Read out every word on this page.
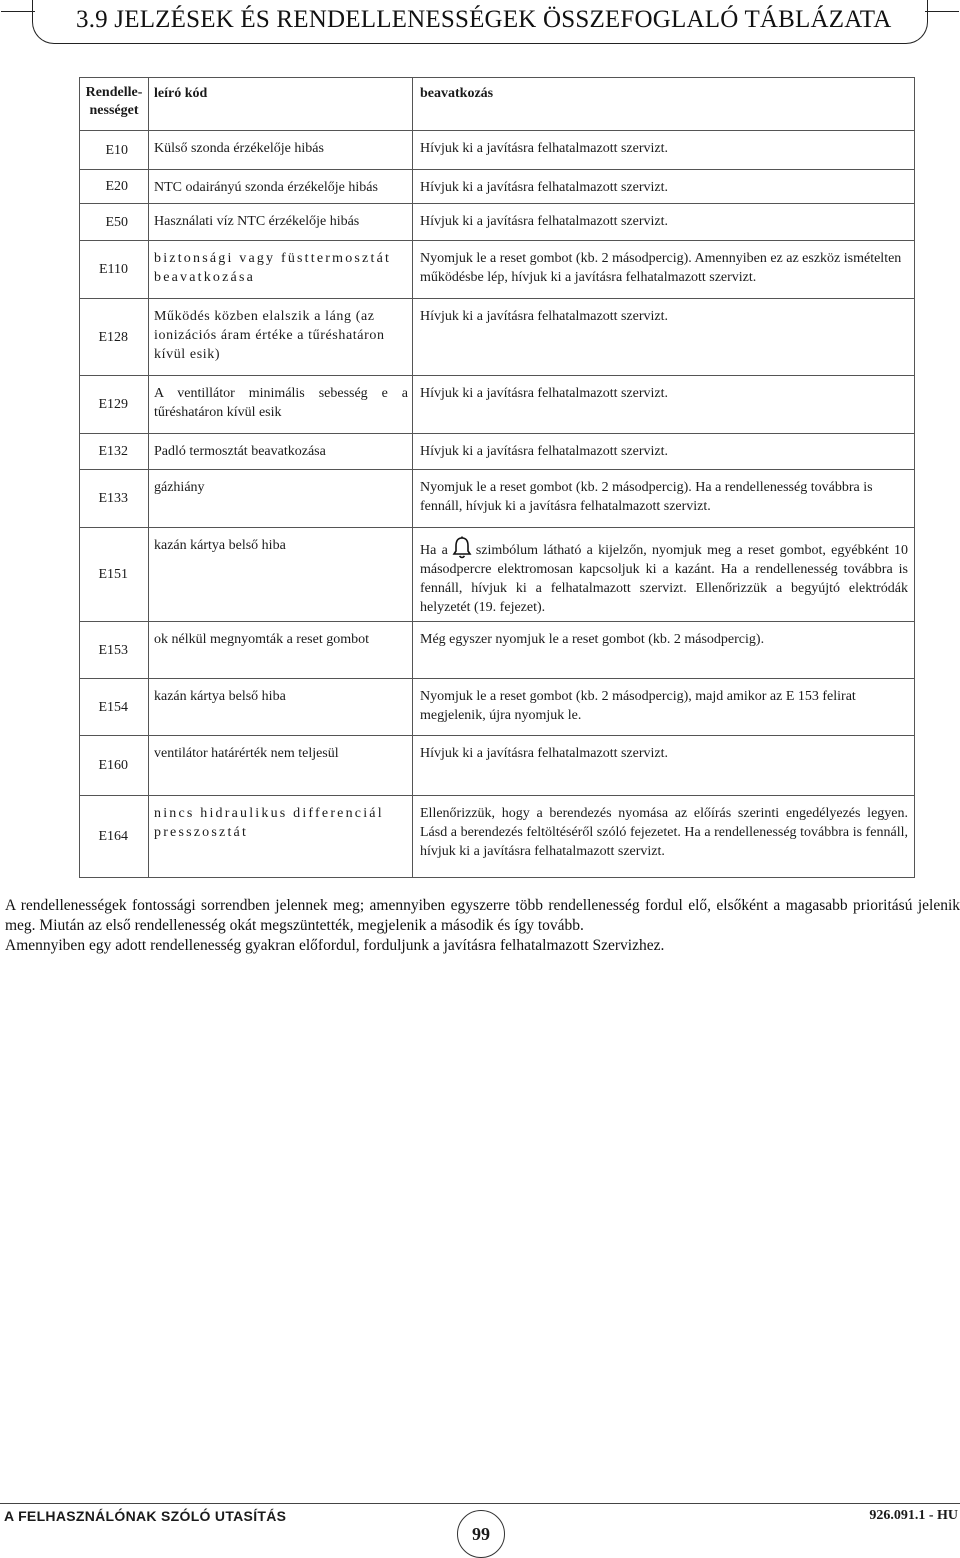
3.9 JELZÉSEK ÉS RENDELLENESSÉGEK ÖSSZEFOGLALÓ TÁBLÁZATA
Rendellenességet	leíró kód	beavatkozás
E10	Külső szonda érzékelője hibás	Hívjuk ki a javításra felhatalmazott szervizt.

E20	NTC odairányú szonda érzékelője hibás	Hívjuk ki a javításra felhatalmazott szervizt.

E50	Használati víz NTC érzékelője hibás	Hívjuk ki a javításra felhatalmazott szervizt.

E110	biztonsági vagy füsttermosztát beavatkozása	Nyomjuk le a reset gombot (kb. 2 másodpercig). Amennyiben ez az eszköz ismételten működésbe lép, hívjuk ki a javításra felhatalmazott szervizt.

E128	Működés közben elalszik a láng (az ionizációs áram értéke a tűréshatáron kívül esik)	Hívjuk ki a javításra felhatalmazott szervizt.

E129	A ventillátor minimális sebesség e a tűréshatáron kívül esik	Hívjuk ki a javításra felhatalmazott szervizt.

E132	Padló termosztát beavatkozása	Hívjuk ki a javításra felhatalmazott szervizt.

E133	gázhiány	Nyomjuk le a reset gombot (kb. 2 másodpercig). Ha a rendellenesség továbbra is fennáll, hívjuk ki a javításra felhatalmazott szervizt.

E151	kazán kártya belső hiba	Ha a szimbólum látható a kijelzőn, nyomjuk meg a reset gombot, egyébként 10 másodpercre elektromosan kapcsoljuk ki a kazánt. Ha a rendellenesség továbbra is fennáll, hívjuk ki a felhatalmazott szervizt. Ellenőrizzük a begyújtó elektródák helyzetét (19. fejezet).

E153	ok nélkül megnyomták a reset gombot	Még egyszer nyomjuk le a reset gombot (kb. 2 másodpercig).

E154	kazán kártya belső hiba	Nyomjuk le a reset gombot (kb. 2 másodpercig), majd amikor az E 153 felirat megjelenik, újra nyomjuk le.

E160	ventilátor határérték nem teljesül	Hívjuk ki a javításra felhatalmazott szervizt.

E164	nincs hidraulikus differenciál presszosztát	Ellenőrizzük, hogy a berendezés nyomása az előírás szerinti engedélyezés legyen. Lásd a berendezés feltöltéséről szóló fejezetet. Ha a rendellenesség továbbra is fennáll, hívjuk ki a javításra felhatalmazott szervizt.

A rendellenességek fontossági sorrendben jelennek meg; amennyiben egyszerre több rendellenesség fordul elő, elsőként a magasabb prioritású jelenik meg. Miután az első rendellenesség okát megszüntették, megjelenik a második és így tovább.

Amennyiben egy adott rendellenesség gyakran előfordul, forduljunk a javításra felhatalmazott Szervizhez.

A FELHASZNÁLÓNAK SZÓLÓ UTASÍTÁS
99
926.091.1 - HU
